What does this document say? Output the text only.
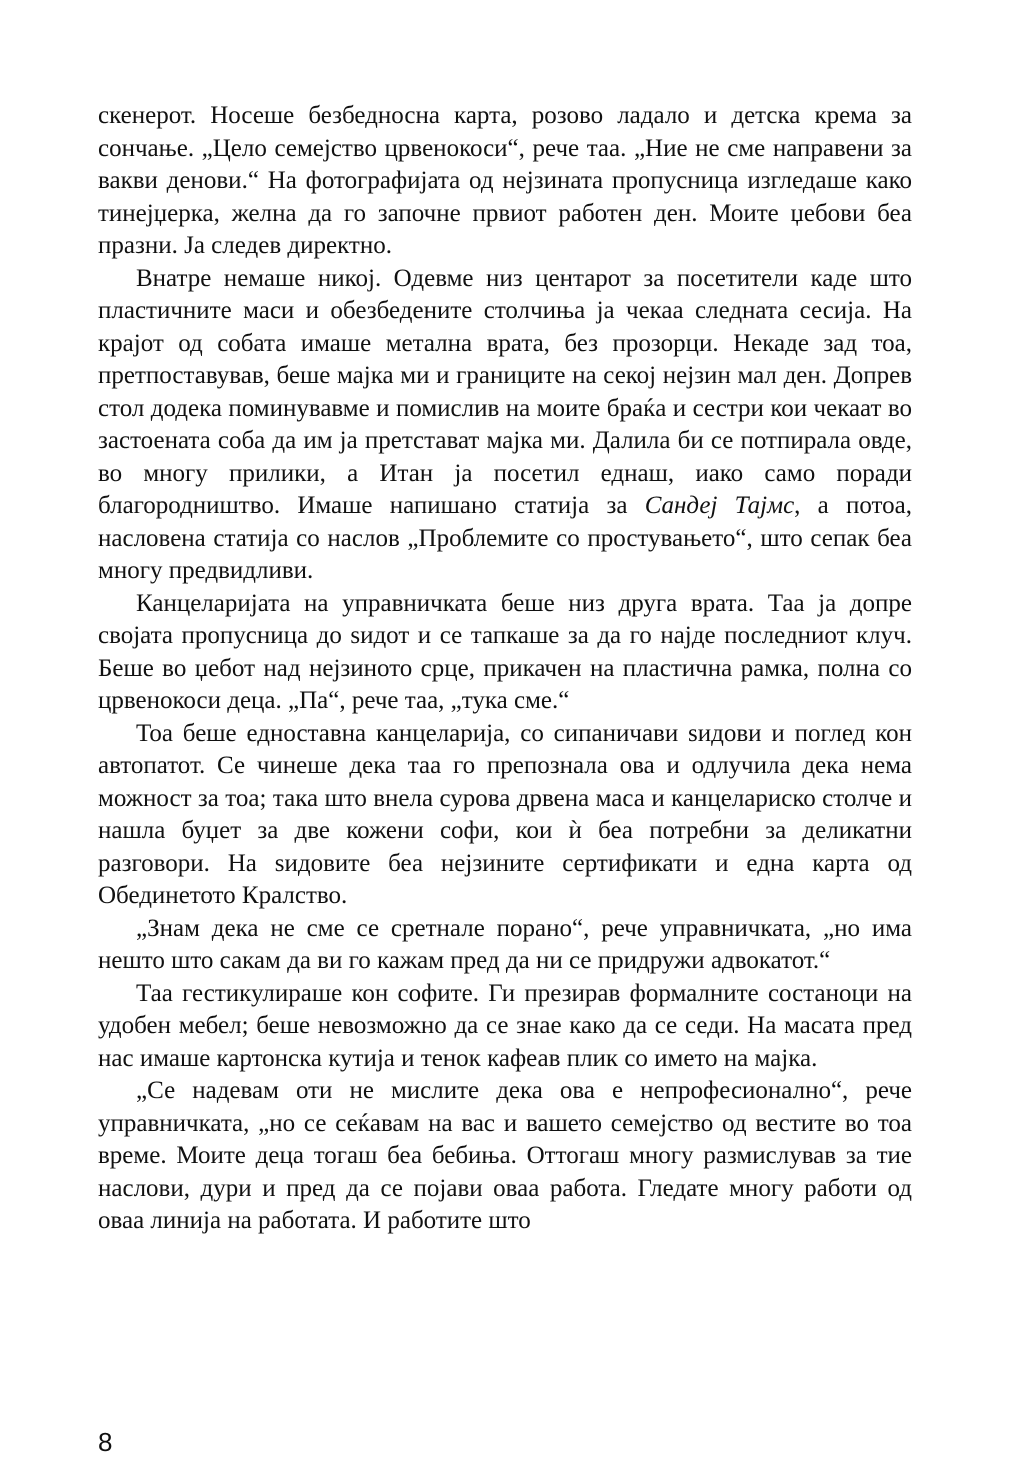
скенерот. Носеше безбедносна карта, розово ладало и детска крема за сончање. „Цело семејство црвенокоси“, рече таа. „Ние не сме направени за вакви денови.“ На фотографијата од нејзината пропусница изгледаше како тинејџерка, желна да го започне првиот работен ден. Моите џебови беа празни. Ја следев директно.

Внатре немаше никој. Одевме низ центарот за посетители каде што пластичните маси и обезбедените столчиња ја чекаа следната сесија. На крајот од собата имаше метална врата, без прозорци. Некаде зад тоа, претпоставував, беше мајка ми и границите на секој нејзин мал ден. Допрев стол додека поминувавме и помислив на моите браќа и сестри кои чекаат во застоената соба да им ја претстават мајка ми. Далила би се потпирала овде, во многу прилики, а Итан ја посетил еднаш, иако само поради благородништво. Имаше напишано статија за Сандеј Тајмс, а потоа, насловена статија со наслов „Проблемите со простувањето“, што сепак беа многу предвидливи.

Канцеларијата на управничката беше низ друга врата. Таа ја допре својата пропусница до ѕидот и се тапкаше за да го најде последниот клуч. Беше во џебот над нејзиното срце, прикачен на пластична рамка, полна со црвенокоси деца. „Па“, рече таа, „тука сме.“

Тоа беше едноставна канцеларија, со сипаничави ѕидови и поглед кон автопатот. Се чинеше дека таа го препознала ова и одлучила дека нема можност за тоа; така што внела сурова дрвена маса и канцелариско столче и нашла буџет за две кожени софи, кои ѝ беа потребни за деликатни разговори. На ѕидовите беа нејзините сертификати и една карта од Обединетото Кралство.

„Знам дека не сме се сретнале порано“, рече управничката, „но има нешто што сакам да ви го кажам пред да ни се придружи адвокатот.“

Таа гестикулираше кон софите. Ги презирав формалните состаноци на удобен мебел; беше невозможно да се знае како да се седи. На масата пред нас имаше картонска кутија и тенок кафеав плик со името на мајка.

„Се надевам оти не мислите дека ова е непрофесионално“, рече управничката, „но се сеќавам на вас и вашето семејство од вестите во тоа време. Моите деца тогаш беа бебиња. Оттогаш многу размислував за тие наслови, дури и пред да се појави оваа работа. Гледате многу работи од оваа линија на работата. И работите што

8
